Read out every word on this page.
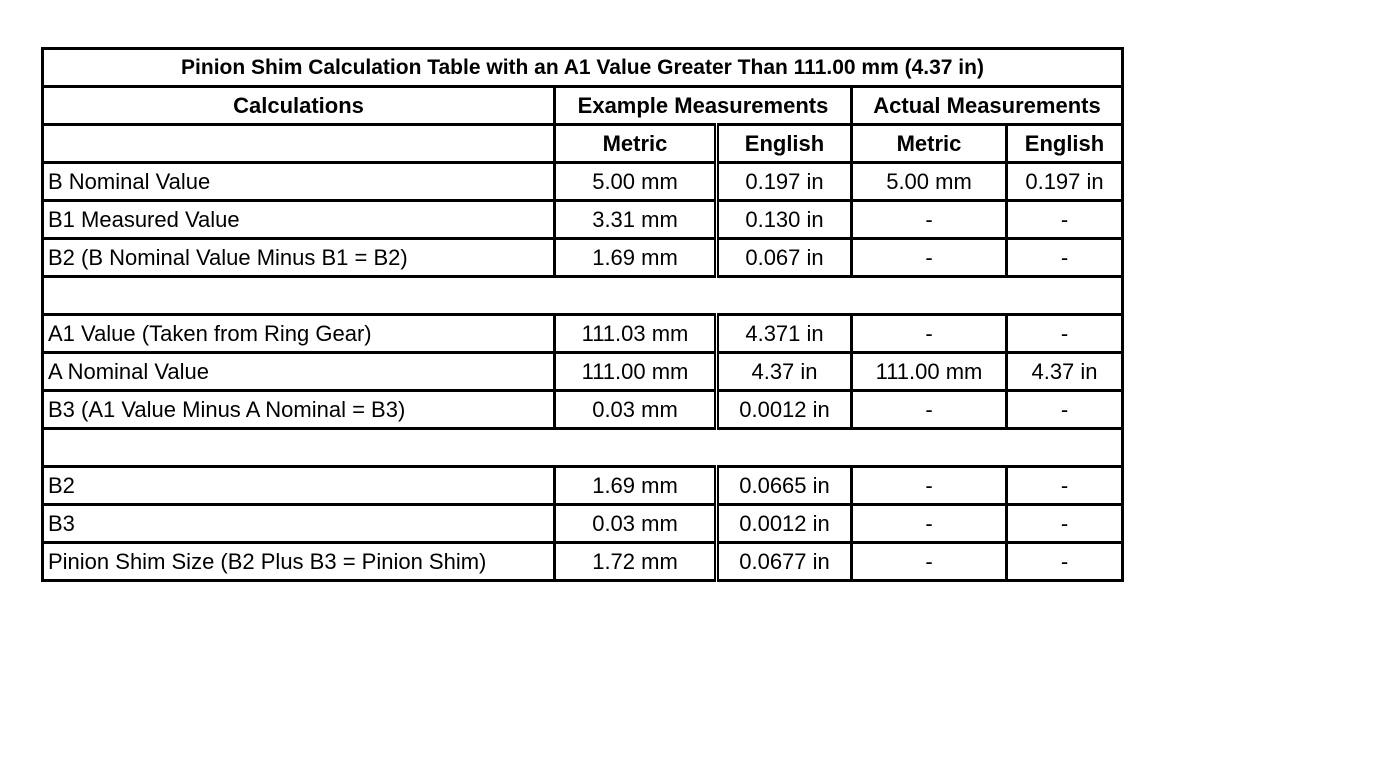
Pinion Shim Calculation Table with an A1 Value Greater Than 111.00 mm (4.37 in)				
Calculations	Example Measurements		Actual Measurements	
	Metric	English	Metric	English
B Nominal Value	5.00 mm	0.197 in	5.00 mm	0.197 in
B1 Measured Value	3.31 mm	0.130 in	-	-
B2 (B Nominal Value Minus B1 = B2)	1.69 mm	0.067 in	-	-

A1 Value (Taken from Ring Gear)	111.03 mm	4.371 in	-	-
A Nominal Value	111.00 mm	4.37 in	111.00 mm	4.37 in
B3 (A1 Value Minus A Nominal = B3)	0.03 mm	0.0012 in	-	-

B2	1.69 mm	0.0665 in	-	-
B3	0.03 mm	0.0012 in	-	-
Pinion Shim Size (B2 Plus B3 = Pinion Shim)	1.72 mm	0.0677 in	-	-
